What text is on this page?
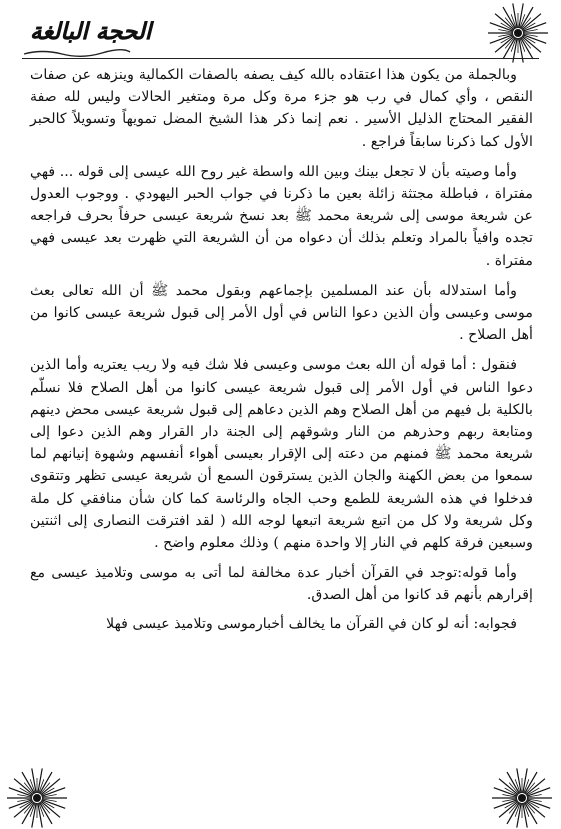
الحجة البالغة

وبالجملة من يكون هذا اعتقاده بالله كيف يصفه بالصفات الكمالية وينزهه عن صفات النقص ، وأي كمال في رب هو جزء مرة وكل مرة ومتغير الحالات وليس لله صفة الفقير المحتاج الذليل الأسير . نعم إنما ذكر هذا الشيخ المضل تمويهاً وتسويلاً كالحبر الأول كما ذكرنا سابقاً فراجع .

وأما وصيته بأن لا تجعل بينك وبين الله واسطة غير روح الله عيسى إلى قوله ... فهي مفتراة ، فباطلة مجتثة زائلة بعين ما ذكرنا في جواب الحبر اليهودي . ووجوب العدول عن شريعة موسى إلى شريعة محمد ﷺ بعد نسخ شريعة عيسى حرفاً بحرف فراجعه تجده وافياً بالمراد وتعلم بذلك أن دعواه من أن الشريعة التي ظهرت بعد عيسى فهي مفتراة .

وأما استدلاله بأن عند المسلمين بإجماعهم وبقول محمد ﷺ أن الله تعالى بعث موسى وعيسى وأن الذين دعوا الناس في أول الأمر إلى قبول شريعة عيسى كانوا من أهل الصلاح .

فنقول : أما قوله أن الله بعث موسى وعيسى فلا شك فيه ولا ريب يعتريه وأما الذين دعوا الناس في أول الأمر إلى قبول شريعة عيسى كانوا من أهل الصلاح فلا نسلّم بالكلية بل فيهم من أهل الصلاح وهم الذين دعاهم إلى قبول شريعة عيسى محض دينهم ومتابعة ربهم وحذرهم من النار وشوقهم إلى الجنة دار القرار وهم الذين دعوا إلى شريعة محمد ﷺ فمنهم من دعته إلى الإقرار بعيسى أهواء أنفسهم وشهوة إنيانهم لما سمعوا من بعض الكهنة والجان الذين يسترقون السمع أن شريعة عيسى تظهر وتتقوى فدخلوا في هذه الشريعة للطمع وحب الجاه والرئاسة كما كان شأن منافقي كل ملة وكل شريعة ولا كل من اتبع شريعة اتبعها لوجه الله ( لقد افترقت النصارى إلى اثنتين وسبعين فرقة كلهم في النار إلا واحدة منهم ) وذلك معلوم واضح .

وأما قوله:توجد في القرآن أخبار عدة مخالفة لما أتى به موسى وتلاميذ عيسى مع إقرارهم بأنهم قد كانوا من أهل الصدق.

فجوابه: أنه لو كان في القرآن ما يخالف أخبارموسى وتلاميذ عيسى فهلا
